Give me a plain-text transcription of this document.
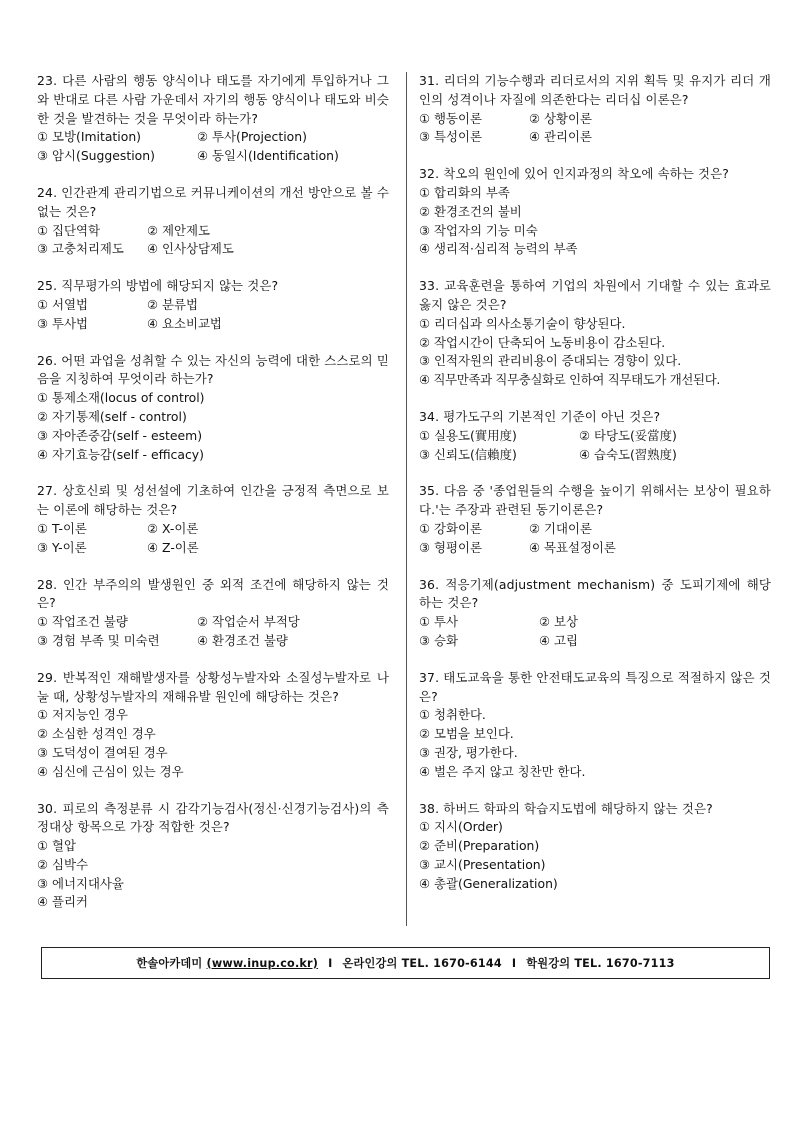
23. 다른 사람의 행동 양식이나 태도를 자기에게 투입하거나 그와 반대로 다른 사람 가운데서 자기의 행동 양식이나 태도와 비슷한 것을 발견하는 것을 무엇이라 하는가?
① 모방(Imitation)	② 투사(Projection)
③ 암시(Suggestion)	④ 동일시(Identification)
24. 인간관계 관리기법으로 커뮤니케이션의 개선 방안으로 볼 수 없는 것은?
① 집단역학	② 제안제도
③ 고충처리제도	④ 인사상담제도
25. 직무평가의 방법에 해당되지 않는 것은?
① 서열법	② 분류법
③ 투사법	④ 요소비교법
26. 어떤 과업을 성취할 수 있는 자신의 능력에 대한 스스로의 믿음을 지칭하여 무엇이라 하는가?
① 통제소재(locus of control)
② 자기통제(self - control)
③ 자아존중감(self - esteem)
④ 자기효능감(self - efficacy)
27. 상호신뢰 및 성선설에 기초하여 인간을 긍정적 측면으로 보는 이론에 해당하는 것은?
① T-이론	② X-이론
③ Y-이론	④ Z-이론
28. 인간 부주의의 발생원인 중 외적 조건에 해당하지 않는 것은?
① 작업조건 불량	② 작업순서 부적당
③ 경험 부족 및 미숙련	④ 환경조건 불량
29. 반복적인 재해발생자를 상황성누발자와 소질성누발자로 나눌 때, 상황성누발자의 재해유발 원인에 해당하는 것은?
① 저지능인 경우
② 소심한 성격인 경우
③ 도덕성이 결여된 경우
④ 심신에 근심이 있는 경우
30. 피로의 측정분류 시 감각기능검사(정신·신경기능검사)의 측정대상 항목으로 가장 적합한 것은?
① 혈압
② 심박수
③ 에너지대사율
④ 플리커
31. 리더의 기능수행과 리더로서의 지위 획득 및 유지가 리더 개인의 성격이나 자질에 의존한다는 리더십 이론은?
① 행동이론	② 상황이론
③ 특성이론	④ 관리이론
32. 착오의 원인에 있어 인지과정의 착오에 속하는 것은?
① 합리화의 부족
② 환경조건의 불비
③ 작업자의 기능 미숙
④ 생리적·심리적 능력의 부족
33. 교육훈련을 통하여 기업의 차원에서 기대할 수 있는 효과로 옳지 않은 것은?
① 리더십과 의사소통기술이 향상된다.
② 작업시간이 단축되어 노동비용이 감소된다.
③ 인적자원의 관리비용이 증대되는 경향이 있다.
④ 직무만족과 직무충실화로 인하여 직무태도가 개선된다.
34. 평가도구의 기본적인 기준이 아닌 것은?
① 실용도(實用度)	② 타당도(妥當度)
③ 신뢰도(信賴度)	④ 습숙도(習熟度)
35. 다음 중 '종업원들의 수행을 높이기 위해서는 보상이 필요하다.'는 주장과 관련된 동기이론은?
① 강화이론	② 기대이론
③ 형평이론	④ 목표설정이론
36. 적응기제(adjustment mechanism) 중 도피기제에 해당하는 것은?
① 투사	② 보상
③ 승화	④ 고립
37. 태도교육을 통한 안전태도교육의 특징으로 적절하지 않은 것은?
① 청취한다.
② 모범을 보인다.
③ 권장, 평가한다.
④ 벌은 주지 않고 칭찬만 한다.
38. 하버드 학파의 학습지도법에 해당하지 않는 것은?
① 지시(Order)
② 준비(Preparation)
③ 교시(Presentation)
④ 총괄(Generalization)
한솔아카데미
(www.inup.co.kr) I 온라인강의 TEL. 1670-6144 I 학원강의 TEL. 1670-7113
